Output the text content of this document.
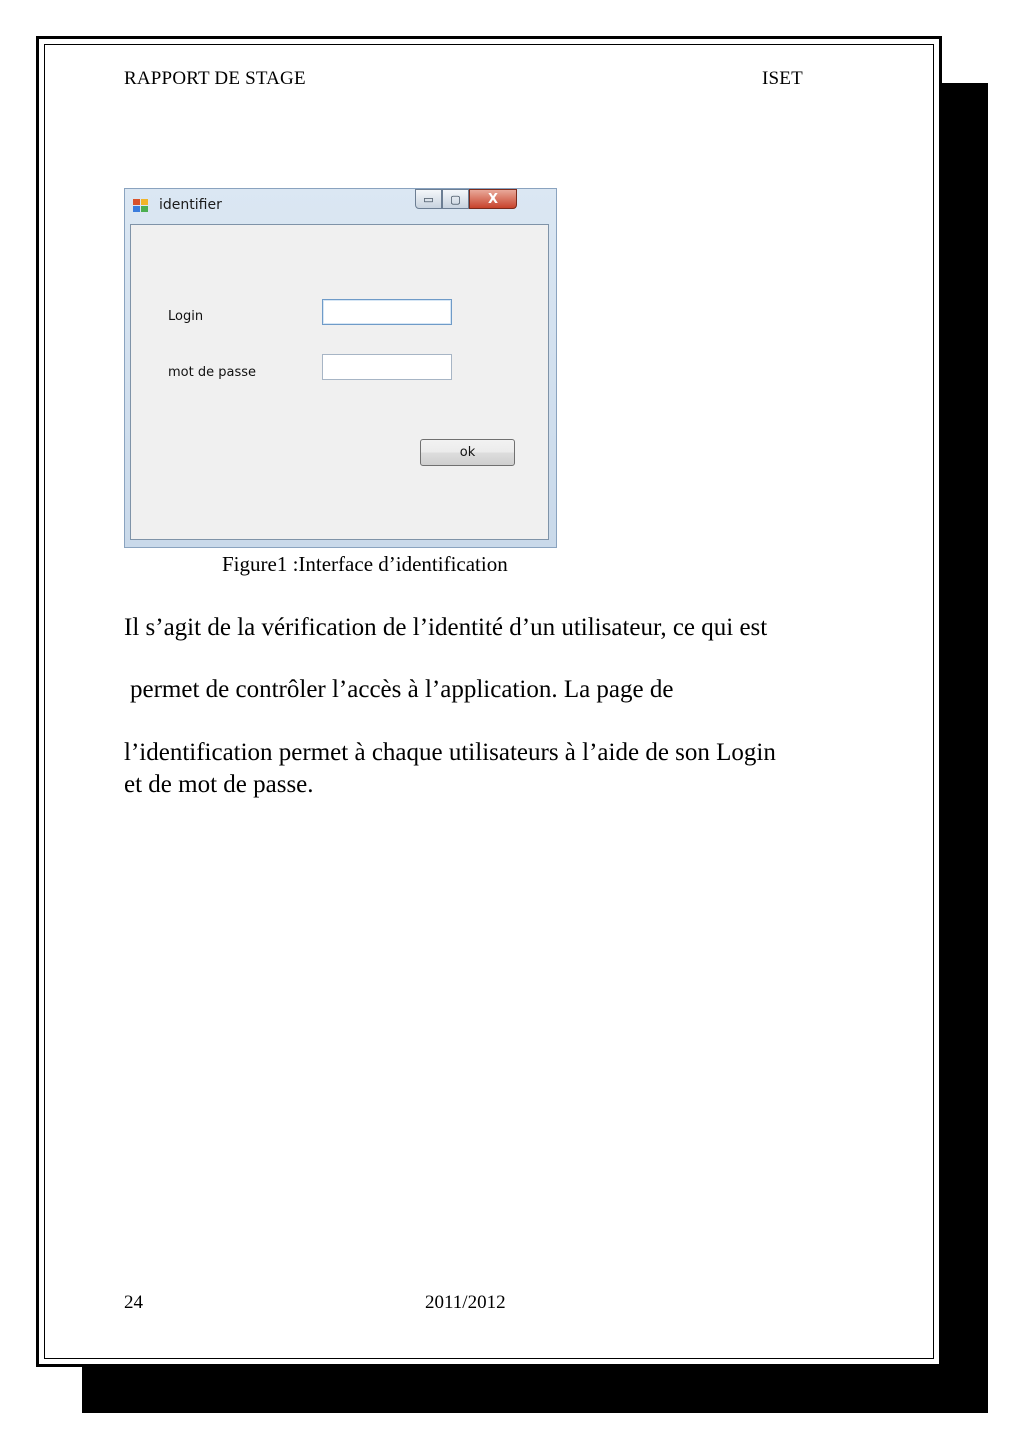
RAPPORT DE STAGE	ISET
identifier	▭	▢	X
Login
mot de passe
ok
Figure1 :Interface d’identification
Il s’agit de la vérification de l’identité d’un utilisateur, ce qui est
permet de contrôler l’accès à l’application. La page de
l’identification permet à chaque utilisateurs à l’aide de son Login
et de mot de passe.
24	2011/2012
